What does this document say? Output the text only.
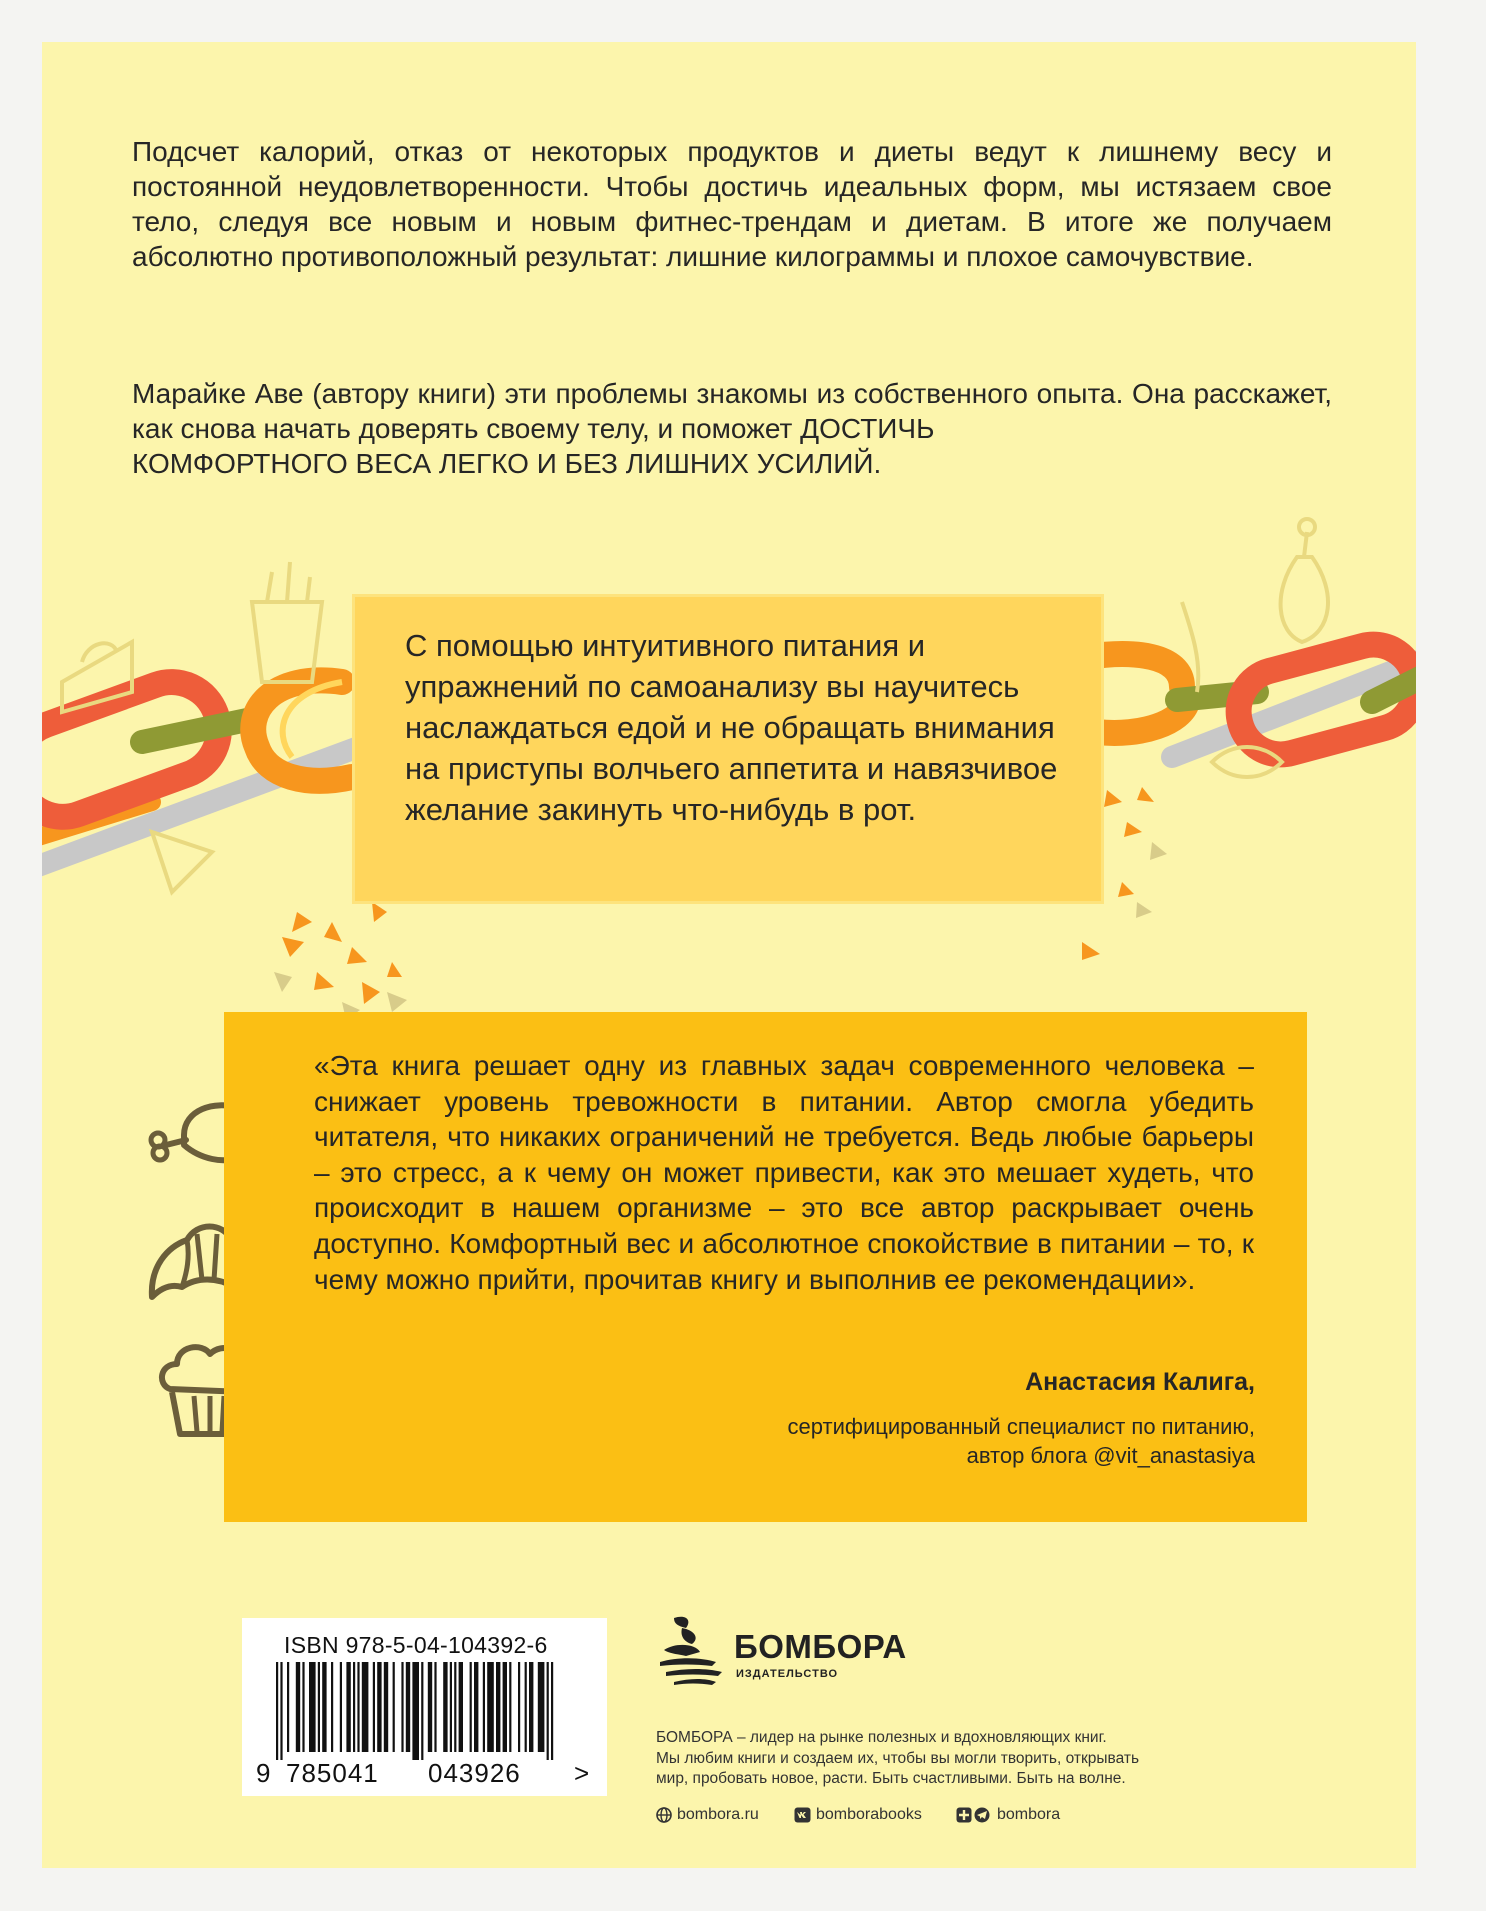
Подсчет калорий, отказ от некоторых продуктов и диеты ведут к лишнему весу и постоянной неудовлетворенности. Чтобы достичь идеальных форм, мы истязаем свое тело, следуя все новым и новым фитнес-трендам и диетам. В итоге же получаем абсолютно противоположный результат: лишние килограммы и плохое самочувствие.

Марайке Аве (автору книги) эти проблемы знакомы из собственного опыта. Она расскажет, как снова начать доверять своему телу, и поможет ДОСТИЧЬ
КОМФОРТНОГО ВЕСА ЛЕГКО И БЕЗ ЛИШНИХ УСИЛИЙ.

С помощью интуитивного питания и упражнений по самоанализу вы научитесь наслаждаться едой и не обращать внимания на приступы волчьего аппетита и навязчивое желание закинуть что-нибудь в рот.

«Эта книга решает одну из главных задач современного человека – снижает уровень тревожности в питании. Автор смогла убедить читателя, что никаких ограничений не требуется. Ведь любые барьеры – это стресс, а к чему он может привести, как это мешает худеть, что происходит в нашем организме – это все автор раскрывает очень доступно. Комфортный вес и абсолютное спокойствие в питании – то, к чему можно прийти, прочитав книгу и выполнив ее рекомендации».

Анастасия Калига,

сертифицированный специалист по питанию,
автор блога @vit_anastasiya

ISBN 978-5-04-104392-6
9 785041 043926 >
БОМБОРА
ИЗДАТЕЛЬСТВО

БОМБОРА – лидер на рынке полезных и вдохновляющих книг.
Мы любим книги и создаем их, чтобы вы могли творить, открывать
мир, пробовать новое, расти. Быть счастливыми. Быть на волне.

bombora.ru	bomborabooks	bombora
